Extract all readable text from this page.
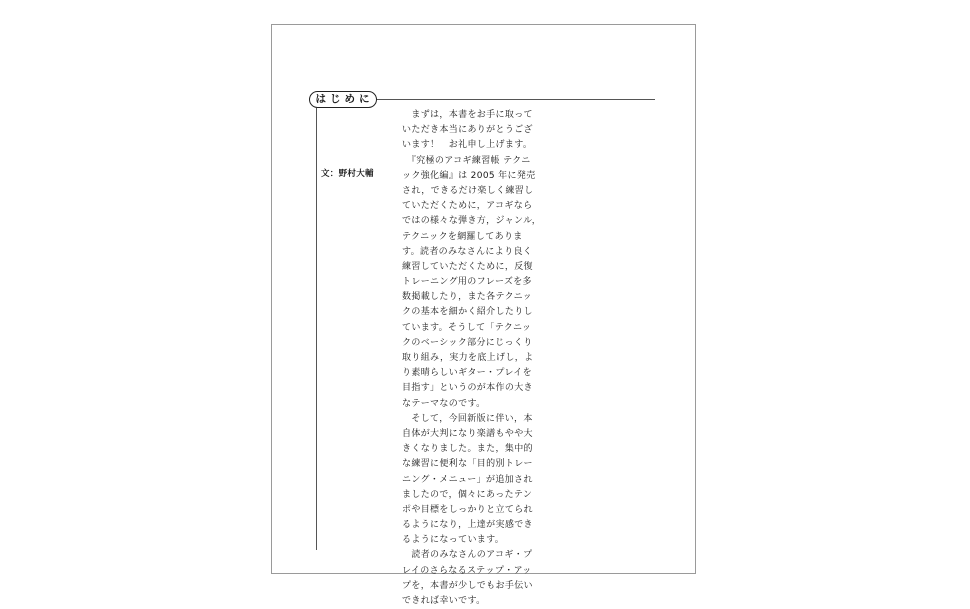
はじめに
文：野村大輔
　まずは，本書をお手に取って
いただき本当にありがとうござ
います！　お礼申し上げます。
　『究極のアコギ練習帳 テクニ
ック強化編』は 2005 年に発売
され，できるだけ楽しく練習し
ていただくために，アコギなら
ではの様々な弾き方，ジャンル，
テクニックを網羅してありま
す。読者のみなさんにより良く
練習していただくために，反復
トレーニング用のフレーズを多
数掲載したり，また各テクニッ
クの基本を細かく紹介したりし
ています。そうして「テクニッ
クのベーシック部分にじっくり
取り組み，実力を底上げし，よ
り素晴らしいギター・プレイを
目指す」というのが本作の大き
なテーマなのです。
　そして，今回新版に伴い，本
自体が大判になり楽譜もやや大
きくなりました。また，集中的
な練習に便利な「目的別トレー
ニング・メニュー」が追加され
ましたので，個々にあったテン
ポや目標をしっかりと立てられ
るようになり，上達が実感でき
るようになっています。
　読者のみなさんのアコギ・プ
レイのさらなるステップ・アッ
プを，本書が少しでもお手伝い
できれば幸いです。
